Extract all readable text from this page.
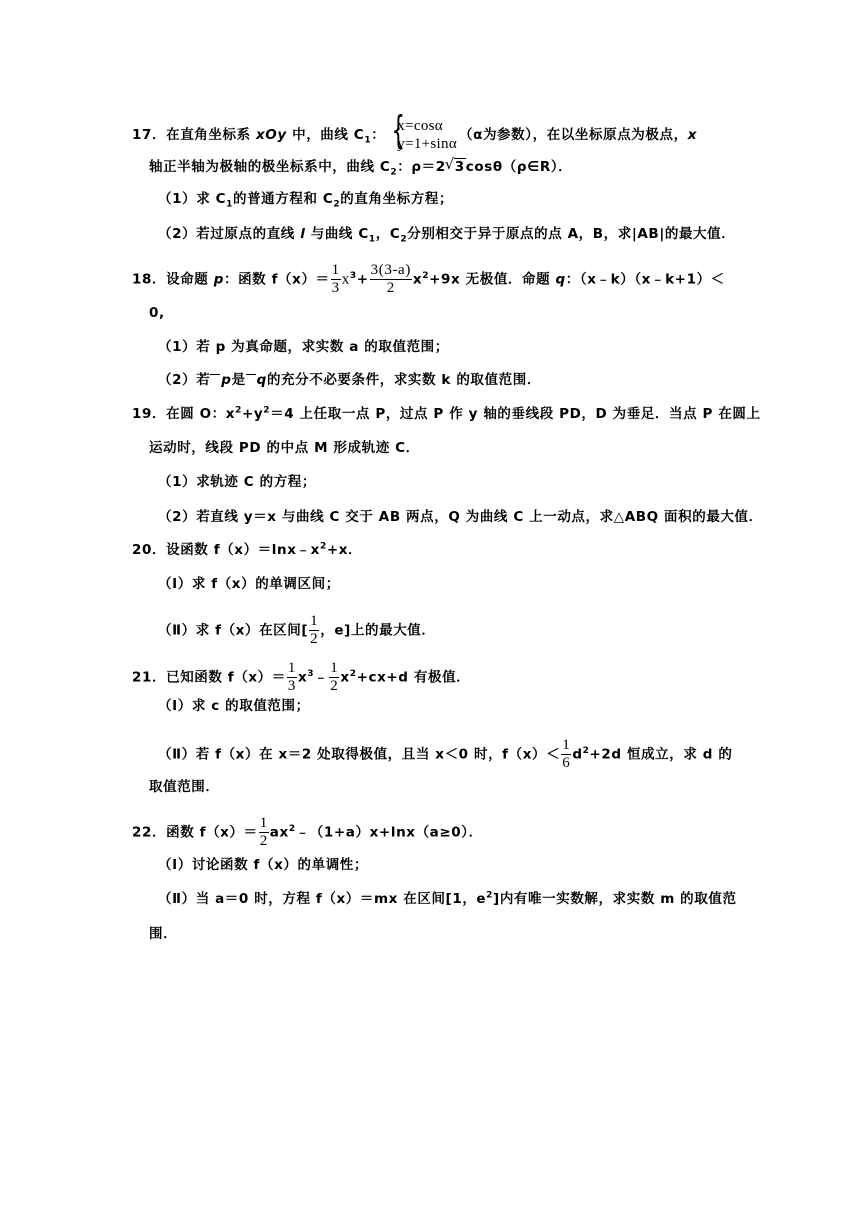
17．在直角坐标系 xOy 中，曲线 $C_1$： {
x=cosα
y=1+sinα
（α为参数），在以坐标原点为极点，x
轴正半轴为极轴的极坐标系中，曲线 $C_2$：ρ＝2 √ 3cosθ（ρ∈R）．
（1）求 $C_1$的普通方程和 $C_2$的直角坐标方程；
（2）若过原点的直线 l 与曲线 $C_1$，$C_2$分别相交于异于原点的点 A，B，求|AB|的最大值．
18．设命题 p：函数 $f(x)= \frac{1}{3} x^3+ \frac{3(3-a)}{2} x^2+9x$ 无极值．命题 q：（x﹣k）（x﹣k+1）＜
0,
（1）若 p 为真命题，求实数 a 的取值范围；
（2）若 p是 q的充分不必要条件，求实数 k 的取值范围．
19．在圆 O：$x^2+y^2=4$ 上任取一点 P，过点 P 作 y 轴的垂线段 PD，D 为垂足．当点 P 在圆上
运动时，线段 PD 的中点 M 形成轨迹 C．
（1）求轨迹 C 的方程；
（2）若直线 y＝x 与曲线 C 交于 AB 两点，Q 为曲线 C 上一动点，求△ABQ 面积的最大值．
20．设函数 $f(x)=\ln x﹣x^2+x$．
（Ⅰ）求 f（x）的单调区间；
（Ⅱ）求 f（x）在区间[ $\frac{1}{2}$ ，e]上的最大值．
21．已知函数 $f(x)= \frac{1}{3}$ $x^3﹣ \frac{1}{2} x^2+cx+d$ 有极值．
（Ⅰ）求 c 的取值范围；
（Ⅱ）若 f（x）在 x＝2 处取得极值，且当 x＜0 时，$f(x)< \frac{1}{6} d^2+2d$ 恒成立，求 d 的
取值范围．
22．函数 $f(x)= \frac{1}{2}$ $ax^2﹣(1+a)x+\ln x(a\ge 0)$．
（Ⅰ）讨论函数 f（x）的单调性；
（Ⅱ）当 a＝0 时，方程 f（x）＝mx 在区间[1，$e^2$]内有唯一实数解，求实数 m 的取值范
围．
